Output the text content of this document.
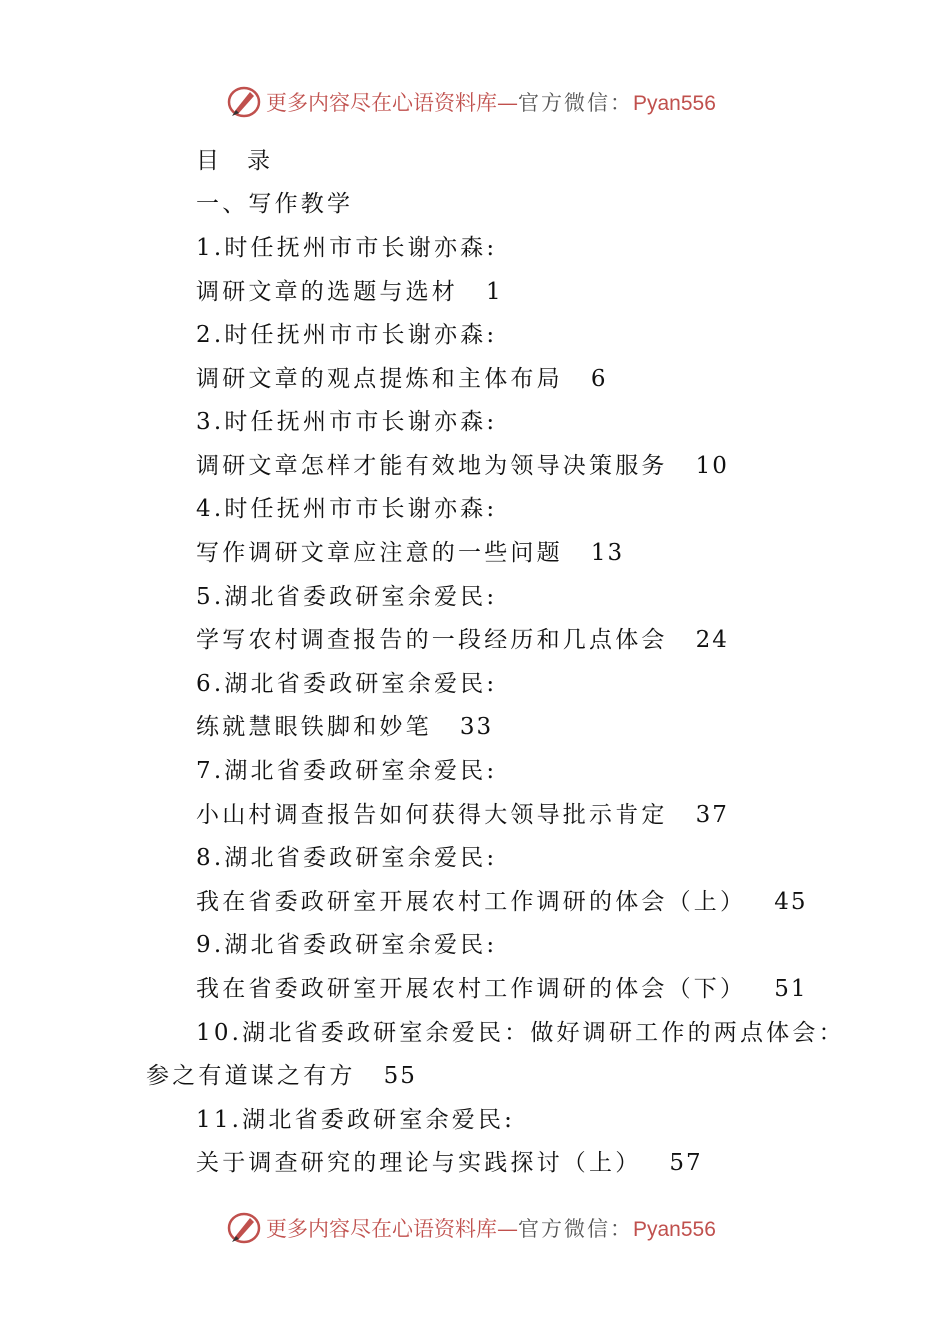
更多内容尽在心语资料库—官方微信：Pyan556
目 录
一、写作教学
1.时任抚州市市长谢亦森:
调研文章的选题与选材 1
2.时任抚州市市长谢亦森:
调研文章的观点提炼和主体布局 6
3.时任抚州市市长谢亦森:
调研文章怎样才能有效地为领导决策服务 10
4.时任抚州市市长谢亦森:
写作调研文章应注意的一些问题 13
5.湖北省委政研室余爱民:
学写农村调查报告的一段经历和几点体会 24
6.湖北省委政研室余爱民:
练就慧眼铁脚和妙笔 33
7.湖北省委政研室余爱民:
小山村调查报告如何获得大领导批示肯定 37
8.湖北省委政研室余爱民:
我在省委政研室开展农村工作调研的体会（上） 45
9.湖北省委政研室余爱民:
我在省委政研室开展农村工作调研的体会（下） 51
10.湖北省委政研室余爱民：做好调研工作的两点体会：
参之有道谋之有方 55
11.湖北省委政研室余爱民:
关于调查研究的理论与实践探讨（上） 57
更多内容尽在心语资料库—官方微信：Pyan556
